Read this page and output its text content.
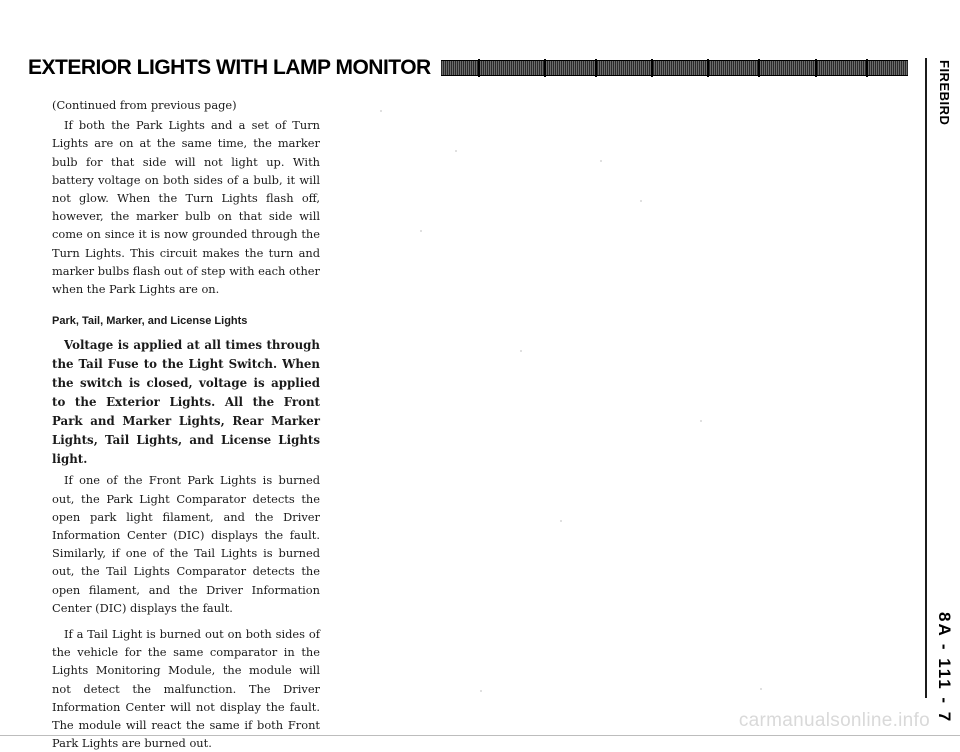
EXTERIOR LIGHTS WITH LAMP MONITOR	FIREBIRD
8A - 111 - 7

(Continued from previous page)

If both the Park Lights and a set of Turn Lights are on at the same time, the marker bulb for that side will not light up. With battery voltage on both sides of a bulb, it will not glow. When the Turn Lights flash off, however, the marker bulb on that side will come on since it is now grounded through the Turn Lights. This circuit makes the turn and marker bulbs flash out of step with each other when the Park Lights are on.

Park, Tail, Marker, and License Lights

Voltage is applied at all times through the Tail Fuse to the Light Switch. When the switch is closed, voltage is applied to the Exterior Lights. All the Front Park and Marker Lights, Rear Marker Lights, Tail Lights, and License Lights light.

If one of the Front Park Lights is burned out, the Park Light Comparator detects the open park light filament, and the Driver Information Center (DIC) displays the fault. Similarly, if one of the Tail Lights is burned out, the Tail Lights Comparator detects the open filament, and the Driver Information Center (DIC) displays the fault.

If a Tail Light is burned out on both sides of the vehicle for the same comparator in the Lights Monitoring Module, the module will not detect the malfunction. The Driver Information Center will not display the fault. The module will react the same if both Front Park Lights are burned out.

carmanualsonline.info
